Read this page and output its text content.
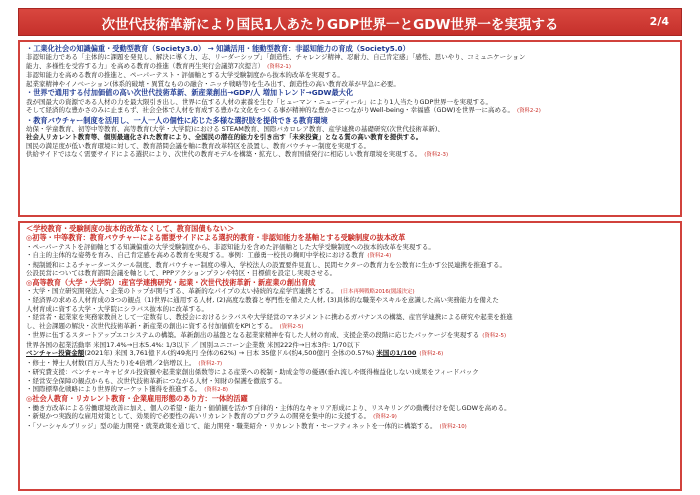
次世代技術革新により国民1人あたりGDP世界一とGDW世界一を実現する	2/4
・工業化社会の知識偏重・受動型教育（Society3.0） → 知識活用・能動型教育：非認知能力の育成（Society5.0）
非認知能力である「主体的に課題を発見し、解決に導く力、志、リーダーシップ」「創造性、チャレンジ精神、忍耐力、自己肯定感」「感性、思いやり、コミュニケーション
能力、多様性を受容する力」を高める教育の推進（教育再生実行会議第7次提言） (資料2-1)
非認知能力を高める教育の推進と、ペーパーテスト・評価軸とする大学受験制度から抜本的改革を実現する。
起業家精神やイノベーション(体系的破壊・異質なものの融合・ニッチ戦略等)を生み出す、創造性の高い教育改革が早急に必要。
・世界で通用する付加価値の高い次世代技術革新、新産業創出→GDP/人 増加トレンド→GDW最大化
我が国最大の資源である人材の力を最大限引き出し、世界に伍する人材の素養を生む「ヒューマン・ニューディール」により1人当たりGDP世界一を実現する。
そして経済的な豊かさのみに止まらず、社会全体で人材を育成する豊かな文化をつくる事が精神的な豊かさにつながりWell-being・幸福感（GDW)を世界一に高める。 (資料2-2)
・教育バウチャー制度を活用し、一人一人の個性に応じた多様な選択肢を提供できる教育環境
幼保・学童教育、初等中等教育、高等教育(大学・大学院)における STEAM教育、国際バカロレア教育、産学連携の基礎研究(次世代技術革新)、
社会人リカレント教育等、個別最適化された教育により、全国民の潜在的能力を引き出す「未来投資」となる質の高い教育を提供する。
国民の満足度が低い教育環境に対して、教育諮問会議を軸に教育改革特区を設置し、教育バウチャー制度を実現する。
供給サイドではなく需要サイドによる選択により、次世代の教育モデルを構築・拡充し、教育国債発行に相応しい教育環境を実現する。 (資料2-3)
＜学校教育・受験制度の抜本的改革なくして、教育国債もない＞
◎初等・中等教育：教育バウチャーによる需要サイドによる選択的教育・非認知能力を基軸とする受験制度の抜本改革
・ペーパーテストを評価軸とする知識偏重の大学受験制度から、非認知能力を含めた評価軸とした大学受験制度への抜本的改革を実現する。
・自主的主体的な姿勢を育み、自己肯定感を高める教育を実現する。事例：工藤勇一校長の麹町中学校における教育 (資料2-4)
・規制緩和によるチャータースクール制度、教育バウチャー制度の導入、学校法人の設置要件見直し、民間セクターの教育力を公教育に生かす公民連携を推進する。
公設民営については教育諮問会議を軸として、PPPアクションプランや特区・目標値を設定し実現させる。
◎高等教育（大学・大学院）:産官学連携研究・起業・次世代技術革新・新産業の創出育成
・大学・国立研究開発法人・企業のトップが関与する、革新的なパイプの太い持続的な産学官連携とする。 (日本再興戦略2016(閣議決定)
・経済界の求める人材育成の3つの観点（1)世界に通用する人材, (2)高度な教養と専門性を備えた人材, (3)具体的な職業やスキルを意識した高い実務能力を備えた
人材育成に資する大学・大学院にシラバス抜本的に改革する。
・経営者・起業家を実務家教員として一定数有し、教授会におけるシラバスや大学経営のマネジメントに携わるガバナンスの構築、産官学連携による研究や起業を推進
し、社会課題の解決・次世代技術革新・新産業の創出に資する付加価値をKPIとする。 (資料2-5)
・世界に伍するスタートアップエコシステムの構築。革新創出の基盤となる起業家精神を有した人材の育成、支援企業の段階に応じたパッケージを実現する (資料2-5)
世界各国の起業活動率 米国17.4%→日本5.4%: 1/3以下 ／ 国別ユニコーン企業数 米国222件→日本3件: 1/70以下
ベンチャー投資金額(2021年) 米国 3,761億ドル(約49兆円 全体の62%) → 日本 35億ドル(約4,500億円 全体の0.57%) 米国の1/100 (資料2-6)
・修士・博士人材数(百万人当たり)を4倍増／2倍増以上。 (資料2-7)
・研究費支援：ベンチャーキャピタル投資額や起業家創出係数等による産業への税制・助成金等の優遇(垂れ流しや既得権益化しない)成果をフィードバック
・経営安全保障の観点からも、次世代技術革新につながる人材・知財の保護を徹底する。
・国際標準化戦略により世界的マーケット獲得を推進する。 (資料2-8)
◎社会人教育・リカレント教育・企業雇用形態のあり方：一体的活躍
・働き方改革による労働環境改善に加え、個人の希望・能力・価値観を活かす自律的・主体的なキャリア形成により、リスキリングの動機付けを促しGDWを高める。
・新規かつ実践的な雇用対策として、効果的で必要性の高いリカレント教育のプログラムの開発を集中的に支援する。 (資料2-9)
・「ソーシャルブリッジ」型の能力開発・就業政策を通じて、能力開発・職業紹介・リカレント教育・セーフティネットを一体的に構築する。 (資料2-10)
